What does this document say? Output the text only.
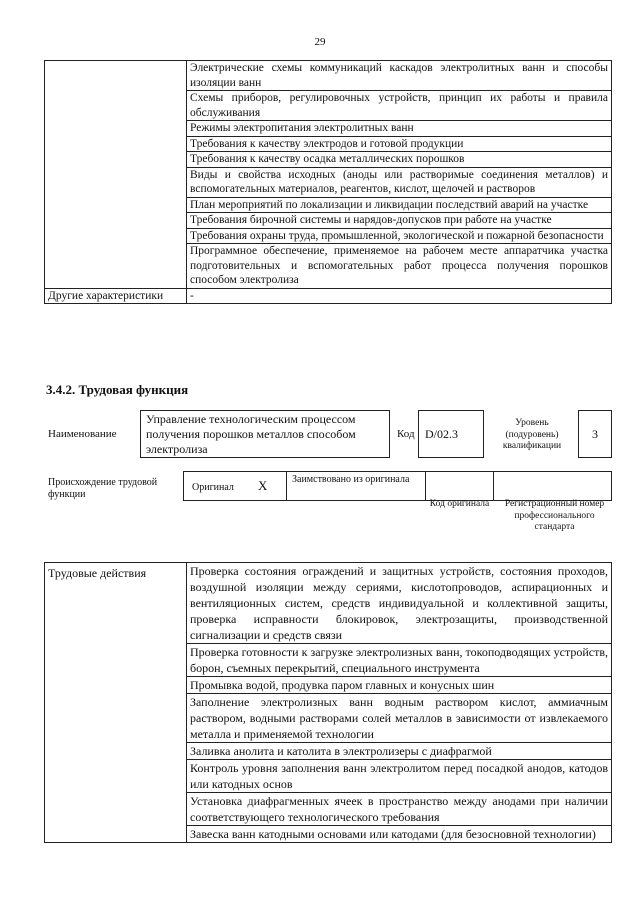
29
	Электрические схемы коммуникаций каскадов электролитных ванн и способы изоляции ванн
	Схемы приборов, регулировочных устройств, принцип их работы и правила обслуживания
	Режимы электропитания электролитных ванн
	Требования к качеству электродов и готовой продукции
	Требования к качеству осадка металлических порошков
	Виды и свойства исходных (аноды или растворимые соединения металлов) и вспомогательных материалов, реагентов, кислот, щелочей и растворов
	План мероприятий по локализации и ликвидации последствий аварий на участке
	Требования бирочной системы и нарядов-допусков при работе на участке
	Требования охраны труда, промышленной, экологической и пожарной безопасности
	Программное обеспечение, применяемое на рабочем месте аппаратчика участка подготовительных и вспомогательных работ процесса получения порошков способом электролиза
Другие характеристики	-
3.4.2. Трудовая функция
Наименование
Управление технологическим процессом получения порошков металлов способом электролиза
Код D/02.3
Уровень (подуровень) квалификации
3
Происхождение трудовой функции
Оригинал X	Заимствовано из оригинала
Код оригинала	Регистрационный номер профессионального стандарта
Трудовые действия	Проверка состояния ограждений и защитных устройств, состояния проходов, воздушной изоляции между сериями, кислотопроводов, аспирационных и вентиляционных систем, средств индивидуальной и коллективной защиты, проверка исправности блокировок, электрозащиты, производственной сигнализации и средств связи
Проверка готовности к загрузке электролизных ванн, токоподводящих устройств, борон, съемных перекрытий, специального инструмента
Промывка водой, продувка паром главных и конусных шин
Заполнение электролизных ванн водным раствором кислот, аммиачным раствором, водными растворами солей металлов в зависимости от извлекаемого металла и применяемой технологии
Заливка анолита и католита в электролизеры с диафрагмой
Контроль уровня заполнения ванн электролитом перед посадкой анодов, катодов или катодных основ
Установка диафрагменных ячеек в пространство между анодами при наличии соответствующего технологического требования
Завеска ванн катодными основами или катодами (для безосновной технологии)
